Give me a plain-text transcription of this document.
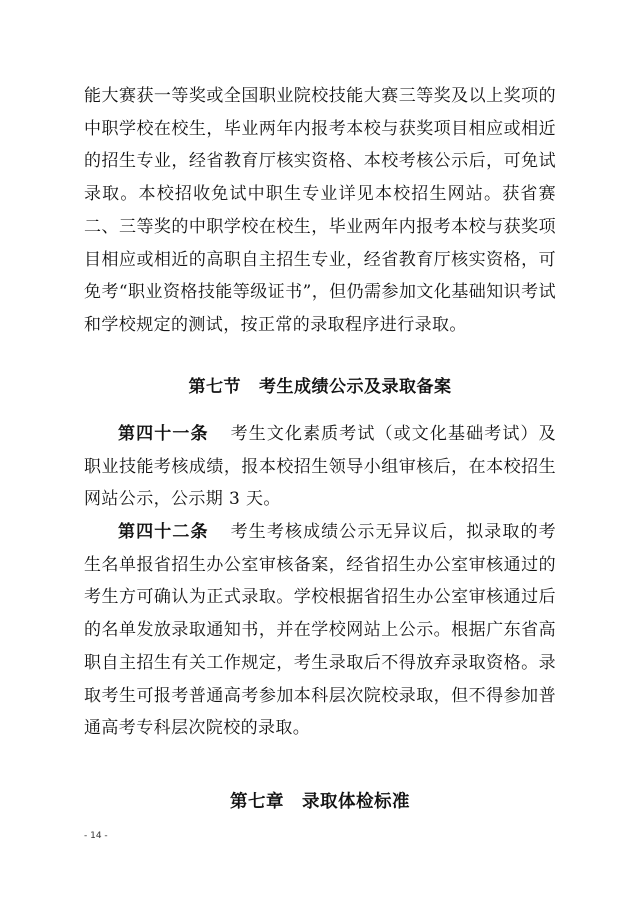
能大赛获一等奖或全国职业院校技能大赛三等奖及以上奖项的中职学校在校生，毕业两年内报考本校与获奖项目相应或相近的招生专业，经省教育厅核实资格、本校考核公示后，可免试录取。本校招收免试中职生专业详见本校招生网站。获省赛二、三等奖的中职学校在校生，毕业两年内报考本校与获奖项目相应或相近的高职自主招生专业，经省教育厅核实资格，可免考“职业资格技能等级证书”，但仍需参加文化基础知识考试和学校规定的测试，按正常的录取程序进行录取。

第七节 考生成绩公示及录取备案

第四十一条 考生文化素质考试（或文化基础考试）及职业技能考核成绩，报本校招生领导小组审核后，在本校招生网站公示，公示期 3 天。

第四十二条 考生考核成绩公示无异议后，拟录取的考生名单报省招生办公室审核备案，经省招生办公室审核通过的考生方可确认为正式录取。学校根据省招生办公室审核通过后的名单发放录取通知书，并在学校网站上公示。根据广东省高职自主招生有关工作规定，考生录取后不得放弃录取资格。录取考生可报考普通高考参加本科层次院校录取，但不得参加普通高考专科层次院校的录取。

第七章 录取体检标准
- 14 -
